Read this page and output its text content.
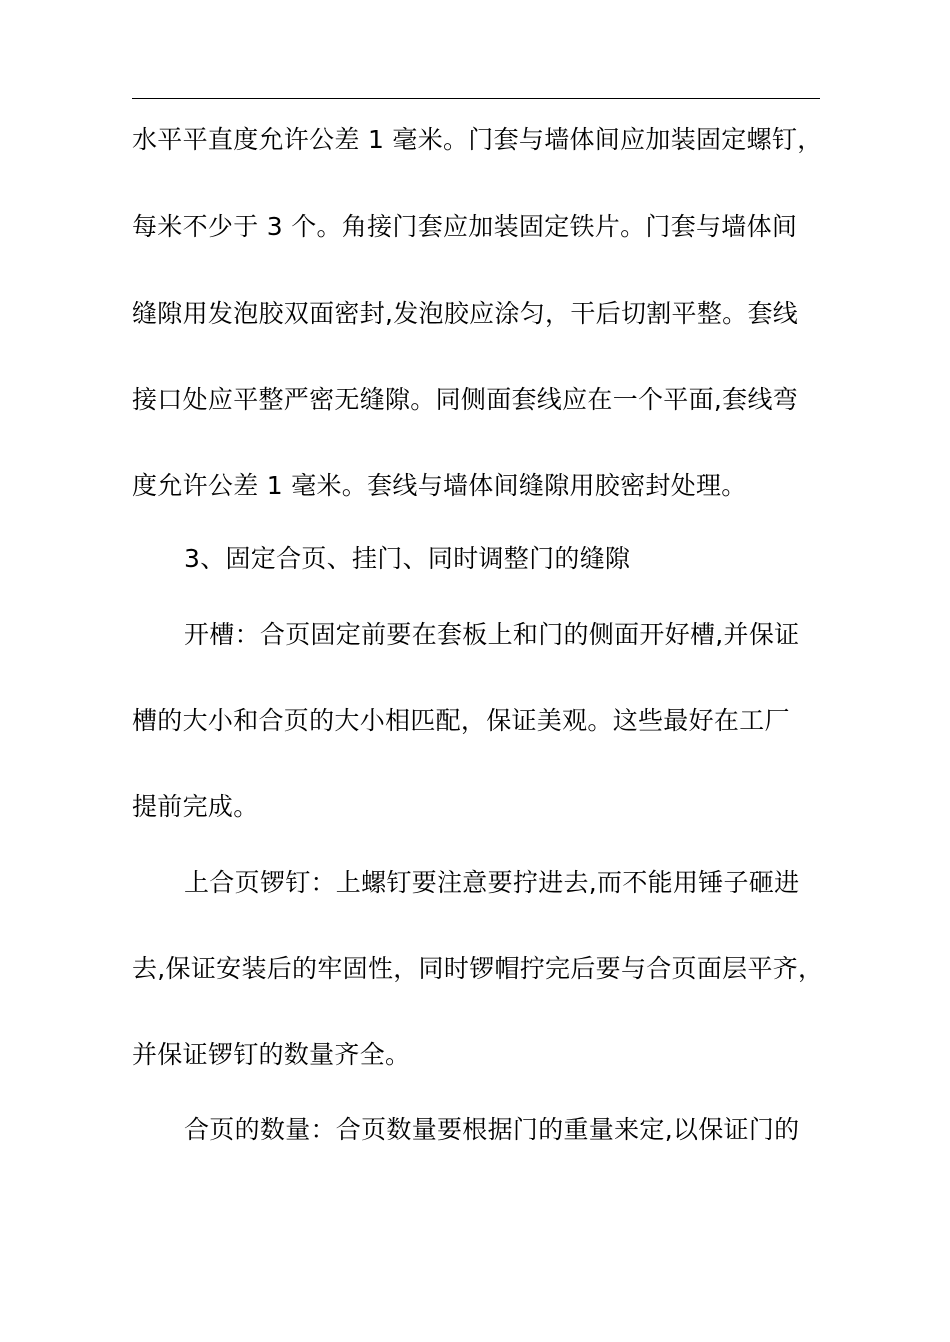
水平平直度允许公差 1 毫米。门套与墙体间应加装固定螺钉，
每米不少于 3 个。角接门套应加装固定铁片。门套与墙体间
缝隙用发泡胶双面密封,发泡胶应涂匀，干后切割平整。套线
接口处应平整严密无缝隙。同侧面套线应在一个平面,套线弯
度允许公差 1 毫米。套线与墙体间缝隙用胶密封处理。
3、固定合页、挂门、同时调整门的缝隙
开槽：合页固定前要在套板上和门的侧面开好槽,并保证
槽的大小和合页的大小相匹配，保证美观。这些最好在工厂
提前完成。
上合页锣钉：上螺钉要注意要拧进去,而不能用锤子砸进
去,保证安装后的牢固性，同时锣帽拧完后要与合页面层平齐，
并保证锣钉的数量齐全。
合页的数量：合页数量要根据门的重量来定,以保证门的
